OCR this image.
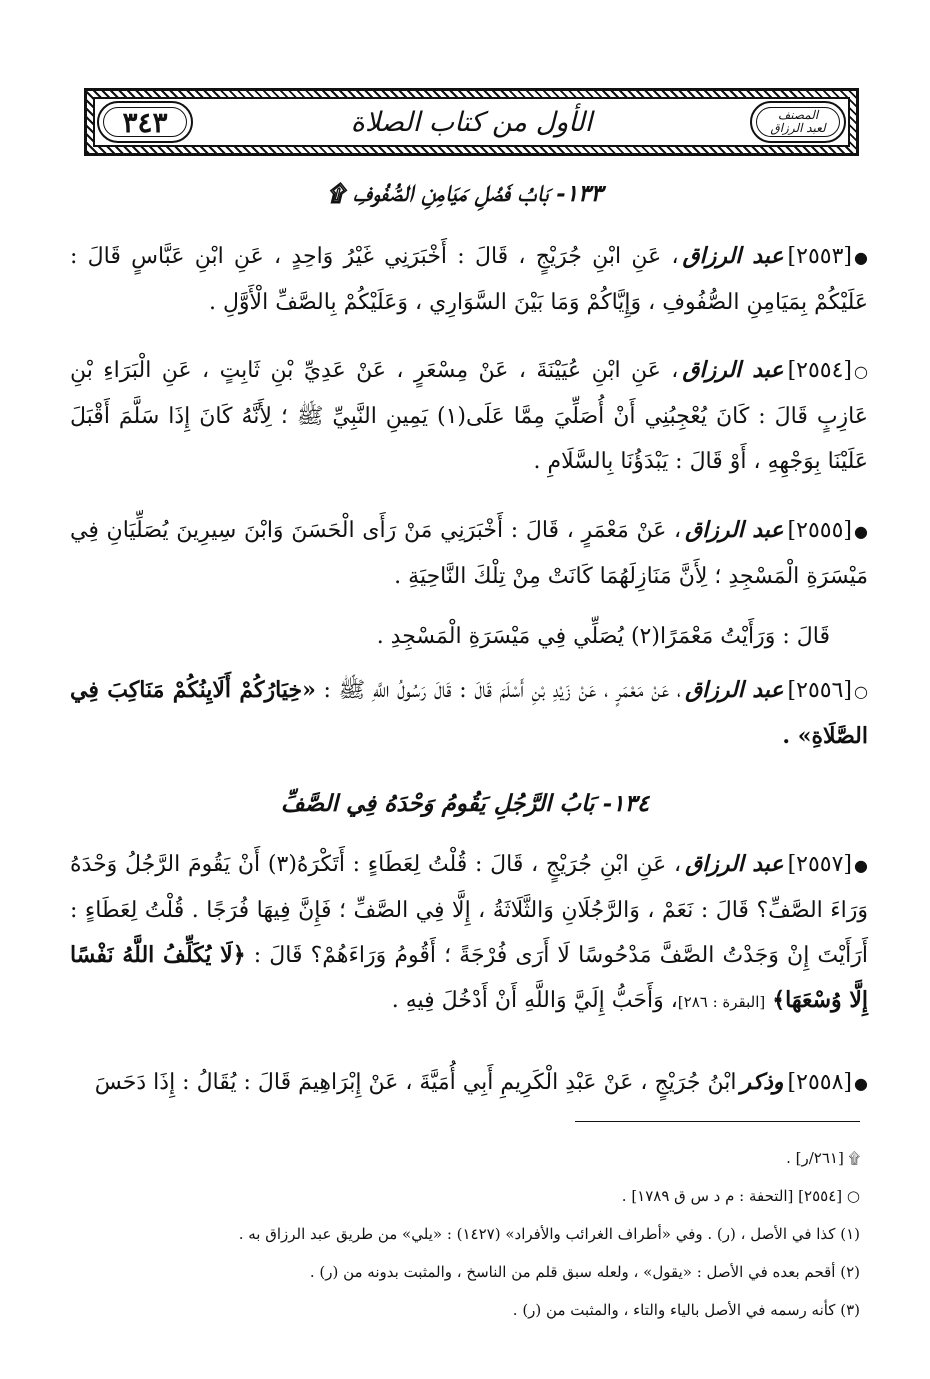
المصنف
لعبد الرزاق
الأول من كتاب الصلاة
٣٤٣
١٣٣- بَابُ فَضْلِ مَيَامِنِ الصُّفُوفِ ۩
●[٢٥٥٣]عبد الرزاق، عَنِ ابْنِ جُرَيْجٍ ، قَالَ : أَخْبَرَنِي غَيْرُ وَاحِدٍ ، عَنِ ابْنِ عَبَّاسٍ قَالَ : عَلَيْكُمْ بِمَيَامِنِ الصُّفُوفِ ، وَإِيَّاكُمْ وَمَا بَيْنَ السَّوَارِي ، وَعَلَيْكُمْ بِالصَّفِّ الْأَوَّلِ .
○[٢٥٥٤]عبد الرزاق، عَنِ ابْنِ عُيَيْنَةَ ، عَنْ مِسْعَرٍ ، عَنْ عَدِيِّ بْنِ ثَابِتٍ ، عَنِ الْبَرَاءِ بْنِ عَازِبٍ قَالَ : كَانَ يُعْجِبُنِي أَنْ أُصَلِّيَ مِمَّا عَلَى(١) يَمِينِ النَّبِيِّ ﷺ ؛ لِأَنَّهُ كَانَ إِذَا سَلَّمَ أَقْبَلَ عَلَيْنَا بِوَجْهِهِ ، أَوْ قَالَ : يَبْدَؤُنَا بِالسَّلَامِ .
●[٢٥٥٥]عبد الرزاق، عَنْ مَعْمَرٍ ، قَالَ : أَخْبَرَنِي مَنْ رَأَى الْحَسَنَ وَابْنَ سِيرِينَ يُصَلِّيَانِ فِي مَيْسَرَةِ الْمَسْجِدِ ؛ لِأَنَّ مَنَازِلَهُمَا كَانَتْ مِنْ تِلْكَ النَّاحِيَةِ .
قَالَ : وَرَأَيْتُ مَعْمَرًا(٢) يُصَلِّي فِي مَيْسَرَةِ الْمَسْجِدِ .
○[٢٥٥٦]عبد الرزاق، عَنْ مَعْمَرٍ ، عَنْ زَيْدِ بْنِ أَسْلَمَ قَالَ : قَالَ رَسُولُ اللَّهِ ﷺ : «خِيَارُكُمْ أَلَايِنُكُمْ مَنَاكِبَ فِي الصَّلَاةِ» .
١٣٤- بَابُ الرَّجُلِ يَقُومُ وَحْدَهُ فِي الصَّفِّ
●[٢٥٥٧]عبد الرزاق، عَنِ ابْنِ جُرَيْجٍ ، قَالَ : قُلْتُ لِعَطَاءٍ : أَتَكْرَهُ(٣) أَنْ يَقُومَ الرَّجُلُ وَحْدَهُ وَرَاءَ الصَّفِّ؟ قَالَ : نَعَمْ ، وَالرَّجُلَانِ وَالثَّلَاثَةُ ، إِلَّا فِي الصَّفِّ ؛ فَإِنَّ فِيهَا فُرَجًا . قُلْتُ لِعَطَاءٍ : أَرَأَيْتَ إِنْ وَجَدْتُ الصَّفَّ مَدْحُوسًا لَا أَرَى فُرْجَةً ؛ أَقُومُ وَرَاءَهُمْ؟ قَالَ : ﴿لَا يُكَلِّفُ اللَّهُ نَفْسًا إِلَّا وُسْعَهَا﴾ [البقرة : ٢٨٦]، وَأَحَبُّ إِلَيَّ وَاللَّهِ أَنْ أَدْخُلَ فِيهِ .
●[٢٥٥٨]وذكرابْنُ جُرَيْجٍ ، عَنْ عَبْدِ الْكَرِيمِ أَبِي أُمَيَّةَ ، عَنْ إِبْرَاهِيمَ قَالَ : يُقَالُ : إِذَا دَحَسَ
۩ [٢٦١/ر] .
○ [٢٥٥٤] [التحفة : م د س ق ١٧٨٩] .
(١) كذا في الأصل ، (ر) . وفي «أطراف الغرائب والأفراد» (١٤٢٧) : «يلي» من طريق عبد الرزاق به .
(٢) أقحم بعده في الأصل : «يقول» ، ولعله سبق قلم من الناسخ ، والمثبت بدونه من (ر) .
(٣) كأنه رسمه في الأصل بالياء والتاء ، والمثبت من (ر) .
